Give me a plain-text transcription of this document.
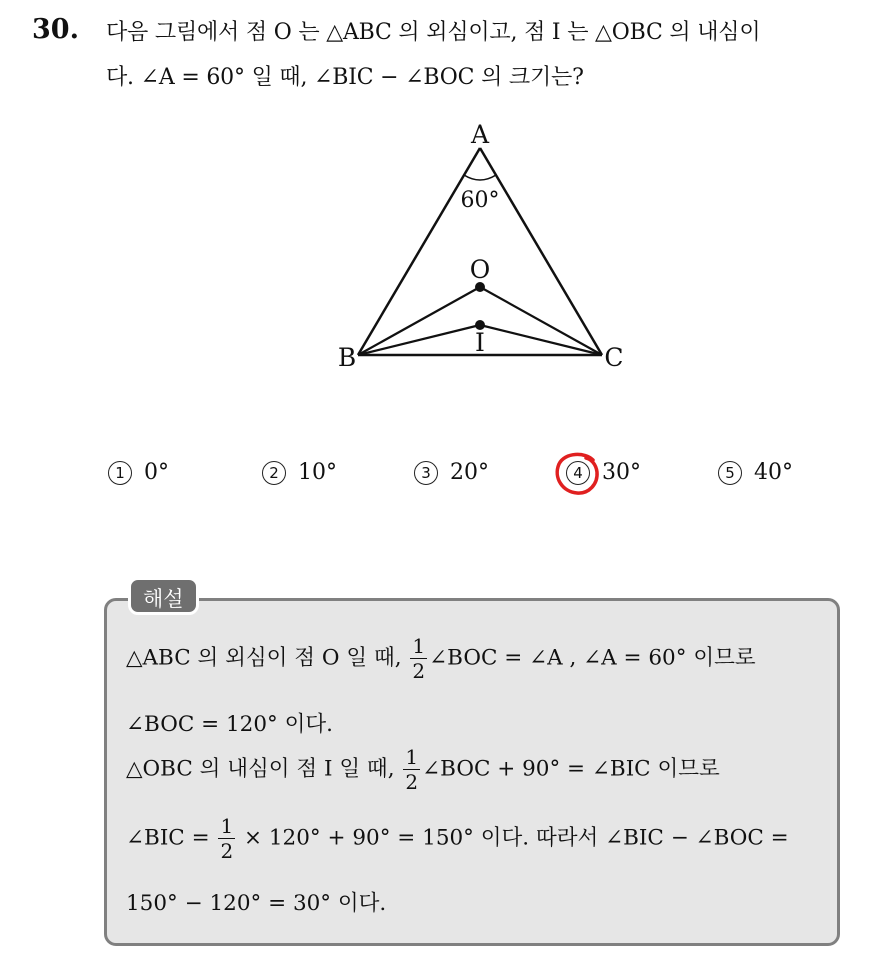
30. 다음 그림에서 점 O 는 △ABC 의 외심이고, 점 I 는 △OBC 의 내심이
다. ∠A = 60° 일 때, ∠BIC − ∠BOC 의 크기는?
A
B	C
O
I
60°
1 0°	2 10°	3 20°	4 30°	5 40°
해설
△ABC 의 외심이 점 O 일 때, $\frac{1}{2}$ ∠BOC = ∠A , ∠A = 60° 이므로
∠BOC = 120° 이다.
△OBC 의 내심이 점 I 일 때, $\frac{1}{2}$ ∠BOC + 90° = ∠BIC 이므로
∠BIC = $\frac{1}{2} \times 120^\circ + 90^\circ = 150^\circ$ 이다. 따라서 ∠BIC − ∠BOC =
150° − 120° = 30° 이다.
